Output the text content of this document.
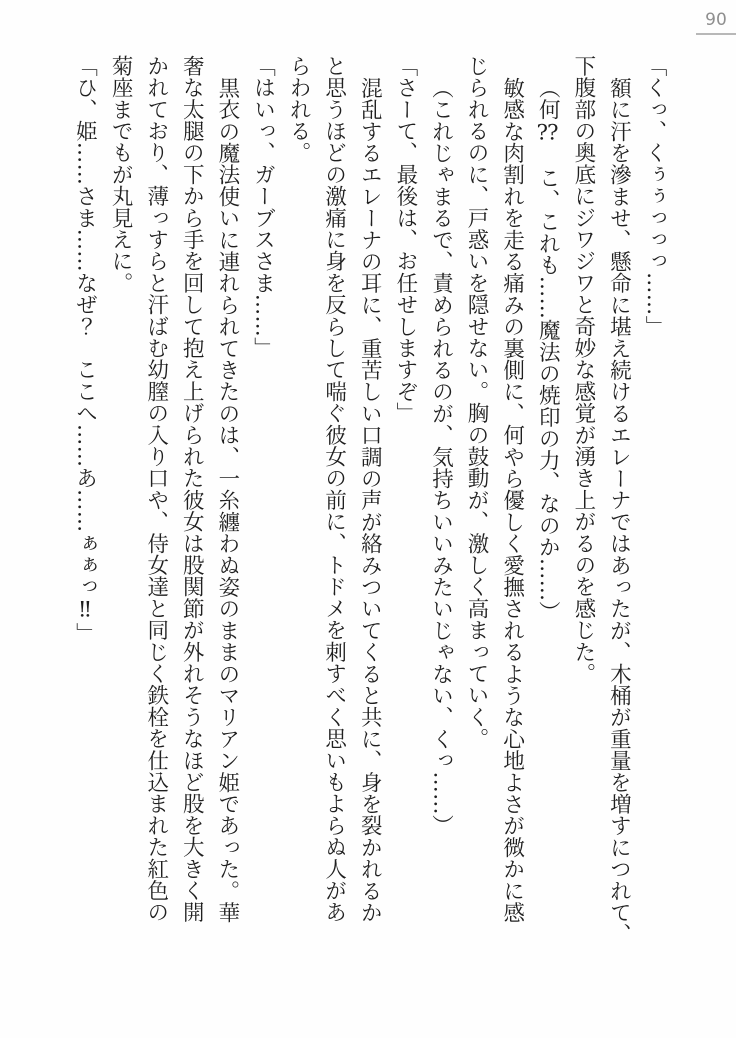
90

「くっ、くぅぅっっっ……」

額に汗を滲ませ、懸命に堪え続けるエレーナではあったが、木桶が重量を増すにつれて、

下腹部の奥底にジワジワと奇妙な感覚が湧き上がるのを感じた。

（何⁇　こ、これも……魔法の焼印の力、なのか……）

敏感な肉割れを走る痛みの裏側に、何やら優しく愛撫されるような心地よさが微かに感

じられるのに、戸惑いを隠せない。胸の鼓動が、激しく高まっていく。

（これじゃまるで、責められるのが、気持ちいいみたいじゃない、くっ……）

「さーて、最後は、お任せしますぞ」

混乱するエレーナの耳に、重苦しい口調の声が絡みついてくると共に、身を裂かれるか

と思うほどの激痛に身を反らして喘ぐ彼女の前に、トドメを刺すべく思いもよらぬ人があ

らわれる。

「はいっ、ガーブスさま……」

黒衣の魔法使いに連れられてきたのは、一糸纏わぬ姿のままのマリアン姫であった。華

奢な太腿の下から手を回して抱え上げられた彼女は股関節が外れそうなほど股を大きく開

かれており、薄っすらと汗ばむ幼膣の入り口や、侍女達と同じく鉄栓を仕込まれた紅色の

菊座までもが丸見えに。

「ひ、姫……さま……なぜ？　ここへ……あ……ぁぁっ‼」
